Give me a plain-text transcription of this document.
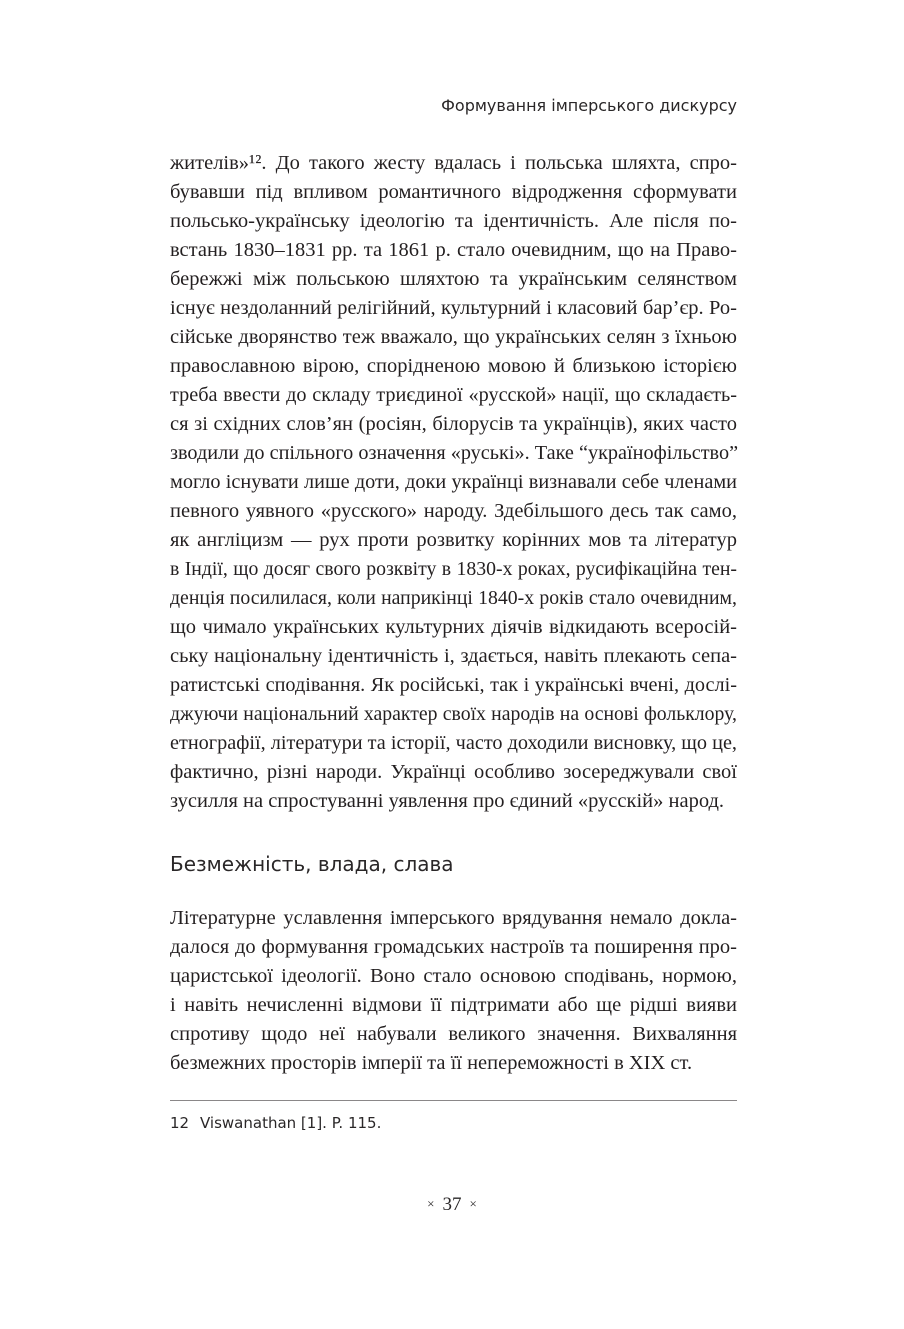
Формування імперського дискурсу
жителів»¹². До такого жесту вдалась і польська шляхта, спро-
бувавши під впливом романтичного відродження сформувати
польсько-українську ідеологію та ідентичність. Але після по-
встань 1830–1831 рр. та 1861 р. стало очевидним, що на Право-
бережжі між польською шляхтою та українським селянством
існує нездоланний релігійний, культурний і класовий бар’єр. Ро-
сійське дворянство теж вважало, що українських селян з їхньою
православною вірою, спорідненою мовою й близькою історією
треба ввести до складу триєдиної «русской» нації, що складаєть-
ся зі східних слов’ян (росіян, білорусів та українців), яких часто
зводили до спільного означення «руські». Таке “українофільство”
могло існувати лише доти, доки українці визнавали себе членами
певного уявного «русского» народу. Здебільшого десь так само,
як англіцизм — рух проти розвитку корінних мов та літератур
в Індії, що досяг свого розквіту в 1830-х роках, русифікаційна тен-
денція посилилася, коли наприкінці 1840-х років стало очевидним,
що чимало українських культурних діячів відкидають всеросій-
ську національну ідентичність і, здається, навіть плекають сепа-
ратистські сподівання. Як російські, так і українські вчені, дослі-
джуючи національний характер своїх народів на основі фольклору,
етнографії, літератури та історії, часто доходили висновку, що це,
фактично, різні народи. Українці особливо зосереджували свої
зусилля на спростуванні уявлення про єдиний «русскій» народ.
Безмежність, влада, слава
Літературне уславлення імперського врядування немало докла-
далося до формування громадських настроїв та поширення про-
царистської ідеології. Воно стало основою сподівань, нормою,
і навіть нечисленні відмови її підтримати або ще рідші вияви
спротиву щодо неї набували великого значення. Вихваляння
безмежних просторів імперії та її непереможності в XIX ст.
12 Viswanathan [1]. P. 115.
× 37 ×
